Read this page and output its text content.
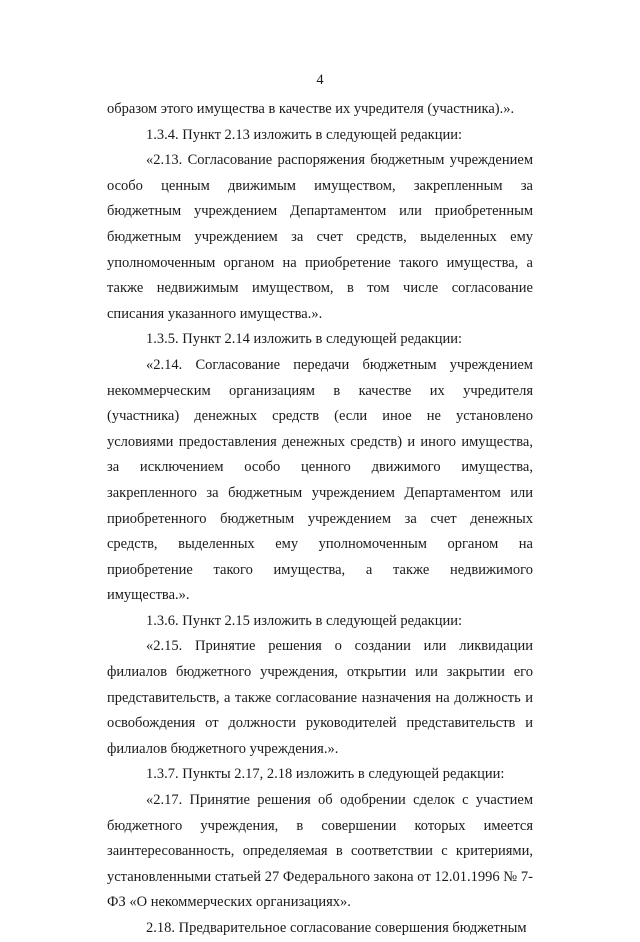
4

образом этого имущества в качестве их учредителя (участника).».

1.3.4. Пункт 2.13 изложить в следующей редакции:

«2.13. Согласование распоряжения бюджетным учреждением особо ценным движимым имуществом, закрепленным за бюджетным учреждением Департаментом или приобретенным бюджетным учреждением за счет средств, выделенных ему уполномоченным органом на приобретение такого имущества, а также недвижимым имуществом, в том числе согласование списания указанного имущества.».

1.3.5. Пункт 2.14 изложить в следующей редакции:

«2.14. Согласование передачи бюджетным учреждением некоммерческим организациям в качестве их учредителя (участника) денежных средств (если иное не установлено условиями предоставления денежных средств) и иного имущества, за исключением особо ценного движимого имущества, закрепленного за бюджетным учреждением Департаментом или приобретенного бюджетным учреждением за счет денежных средств, выделенных ему уполномоченным органом на приобретение такого имущества, а также недвижимого имущества.».

1.3.6. Пункт 2.15 изложить в следующей редакции:

«2.15. Принятие решения о создании или ликвидации филиалов бюджетного учреждения, открытии или закрытии его представительств, а также согласование назначения на должность и освобождения от должности руководителей представительств и филиалов бюджетного учреждения.».

1.3.7. Пункты 2.17, 2.18 изложить в следующей редакции:

«2.17. Принятие решения об одобрении сделок с участием бюджетного учреждения, в совершении которых имеется заинтересованность, определяемая в соответствии с критериями, установленными статьей 27 Федерального закона от 12.01.1996 № 7-ФЗ «О некоммерческих организациях».

2.18. Предварительное согласование совершения бюджетным
